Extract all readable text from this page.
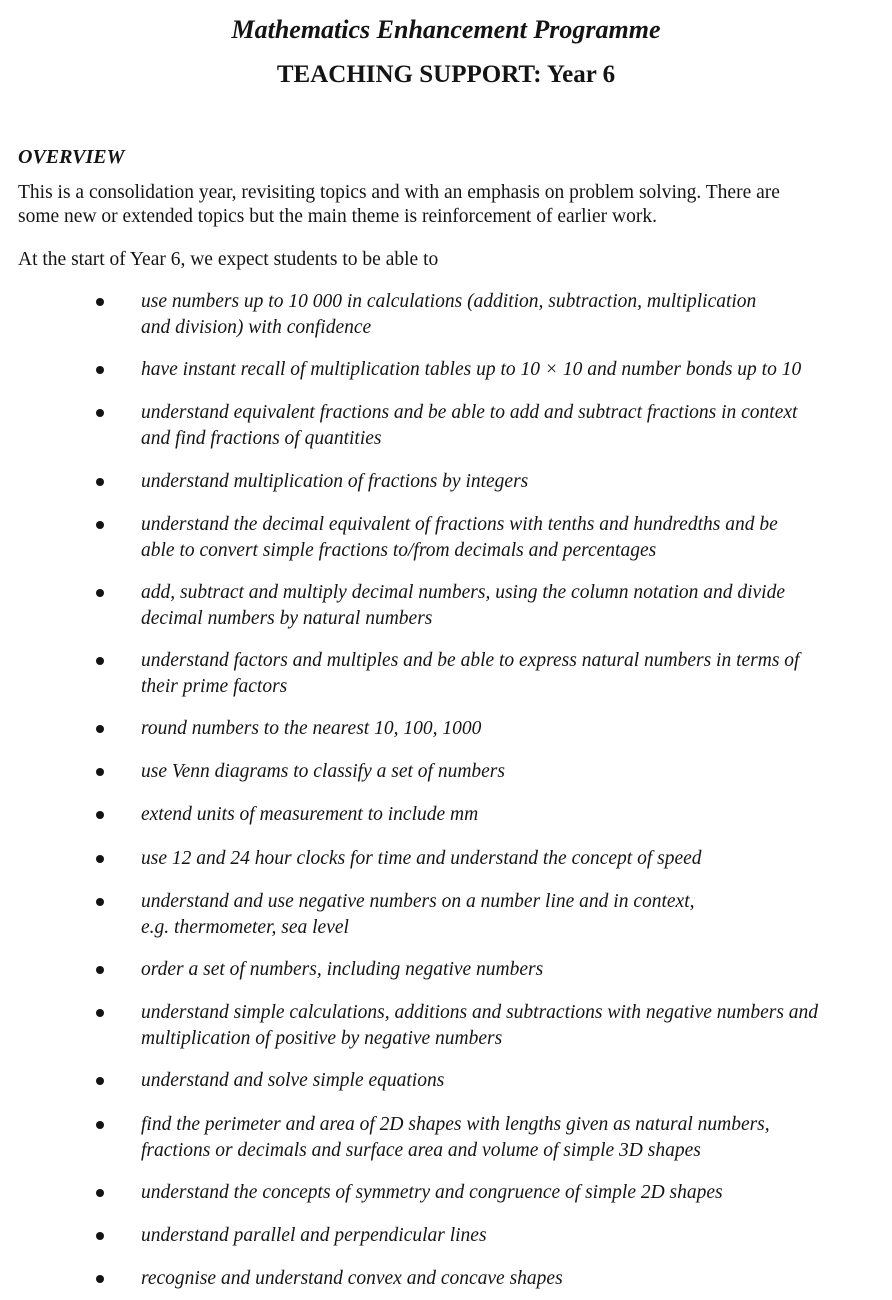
Mathematics Enhancement Programme
TEACHING SUPPORT: Year 6
OVERVIEW

This is a consolidation year, revisiting topics and with an emphasis on problem solving. There are
some new or extended topics but the main theme is reinforcement of earlier work.

At the start of Year 6, we expect students to be able to

use numbers up to 10 000 in calculations (addition, subtraction, multiplication
and division) with confidence
have instant recall of multiplication tables up to 10 × 10 and number bonds up to 10
understand equivalent fractions and be able to add and subtract fractions in context
and find fractions of quantities
understand multiplication of fractions by integers
understand the decimal equivalent of fractions with tenths and hundredths and be
able to convert simple fractions to/from decimals and percentages
add, subtract and multiply decimal numbers, using the column notation and divide
decimal numbers by natural numbers
understand factors and multiples and be able to express natural numbers in terms of
their prime factors
round numbers to the nearest 10, 100, 1000
use Venn diagrams to classify a set of numbers
extend units of measurement to include mm
use 12 and 24 hour clocks for time and understand the concept of speed
understand and use negative numbers on a number line and in context,
e.g. thermometer, sea level
order a set of numbers, including negative numbers
understand simple calculations, additions and subtractions with negative numbers and
multiplication of positive by negative numbers
understand and solve simple equations
find the perimeter and area of 2D shapes with lengths given as natural numbers,
fractions or decimals and surface area and volume of simple 3D shapes
understand the concepts of symmetry and congruence of simple 2D shapes
understand parallel and perpendicular lines
recognise and understand convex and concave shapes
